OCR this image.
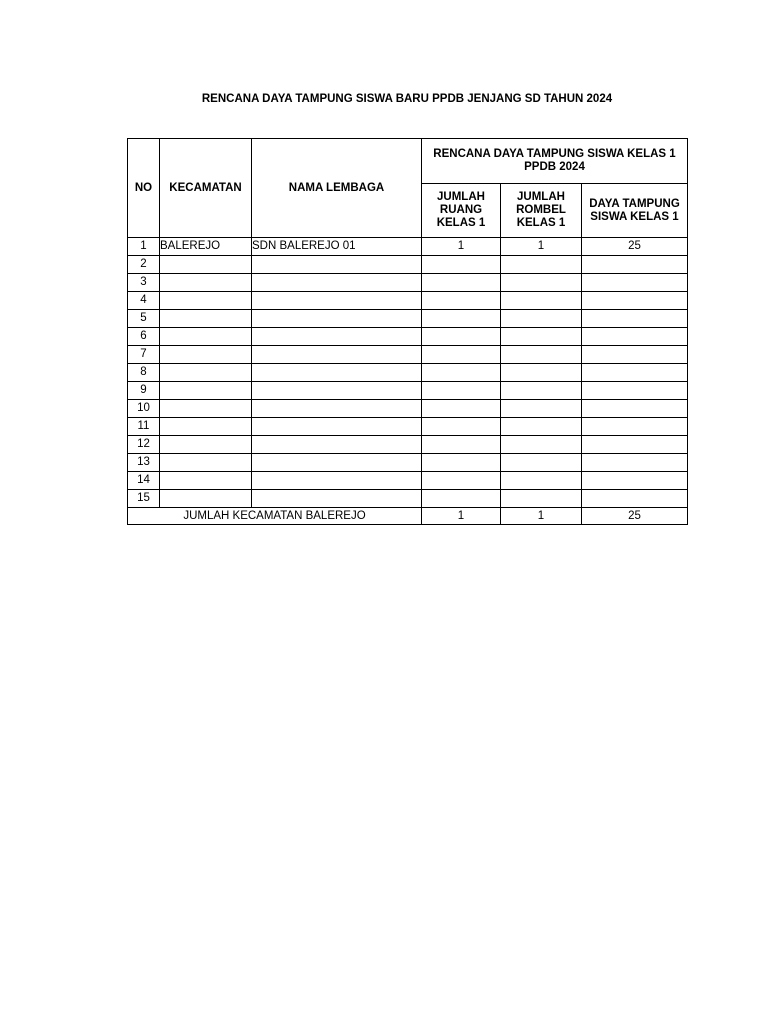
RENCANA DAYA TAMPUNG SISWA BARU PPDB JENJANG SD TAHUN 2024
NO	KECAMATAN	NAMA LEMBAGA	RENCANA DAYA TAMPUNG SISWA KELAS 1 PPDB 2024		
			JUMLAH RUANG KELAS 1	JUMLAH ROMBEL KELAS 1	DAYA TAMPUNG SISWA KELAS 1
1	BALEREJO	SDN BALEREJO 01	1	1	25
2					
3					
4					
5					
6					
7					
8					
9					
10					
11					
12					
13					
14					
15					
JUMLAH KECAMATAN BALEREJO			1	1	25
